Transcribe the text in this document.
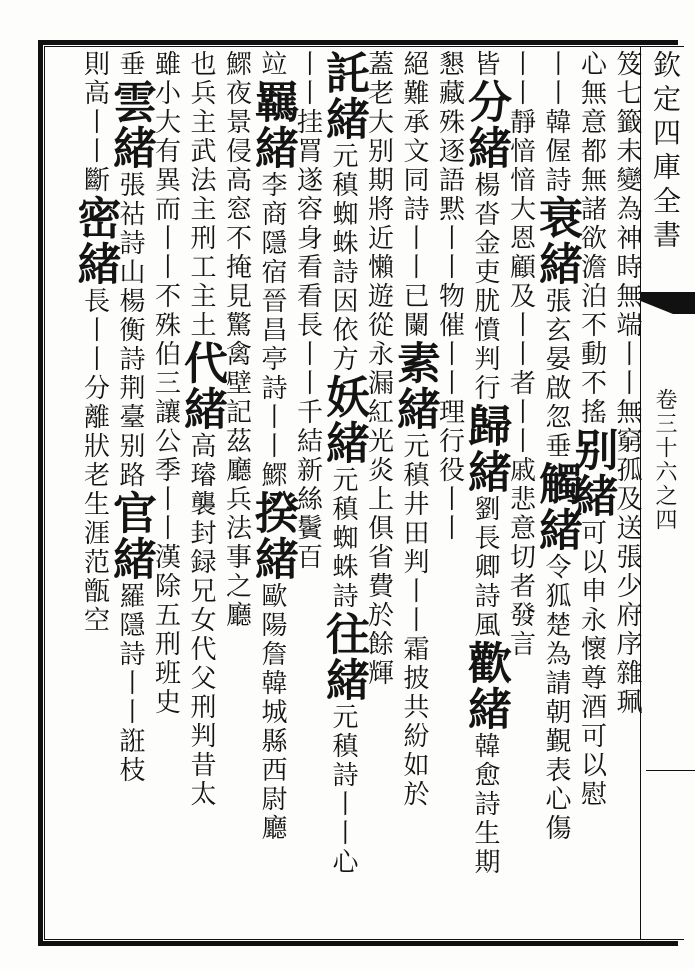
欽定四庫全書
卷三十六之四
笈七籤未變為神時無端丨丨無窮孤及送張少府序雜珮
心無意都無諸欲澹泊不動不搖别緒可以申永懷尊酒可以慰
丨丨韓偓詩衰緒張玄晏啟忽垂觸緒令狐楚為請朝覲表心傷
丨丨靜愔愔大恩顧及丨丨者丨丨戚悲意切者發言
皆分緒楊沓金吏肬憤判行歸緒劉長卿詩風歡緒韓愈詩生期
懇藏殊逐語黙丨丨物催丨丨理行役丨丨
絕難承文同詩丨丨已闌素緒元稹井田判丨丨霜披共紛如於
蓋老大别期將近懶遊從永漏紅光炎上俱省費於餘輝
託緒元稹蜘蛛詩因依方妖緒元稹蜘蛛詩往緒元稹詩丨丨心
丨丨挂罥遂容身看看長丨丨千結新絲鬢百
竝羈緒李商隱宿晉昌亭詩丨丨鰥揆緒歐陽詹韓城縣西尉廳
鰥夜景侵高窓不掩見驚禽壁記茲廳兵法事之廳
也兵主武法主刑工主土代緒高璿襲封録兄女代父刑判昔太
雖小大有異而丨丨不殊伯三讓公季丨丨漢除五刑班史
垂雲緒張祜詩山楊衡詩荆臺别路官緒羅隱詩丨丨誑枝
則高丨丨斷密緒長丨丨分離狀老生涯范甑空
